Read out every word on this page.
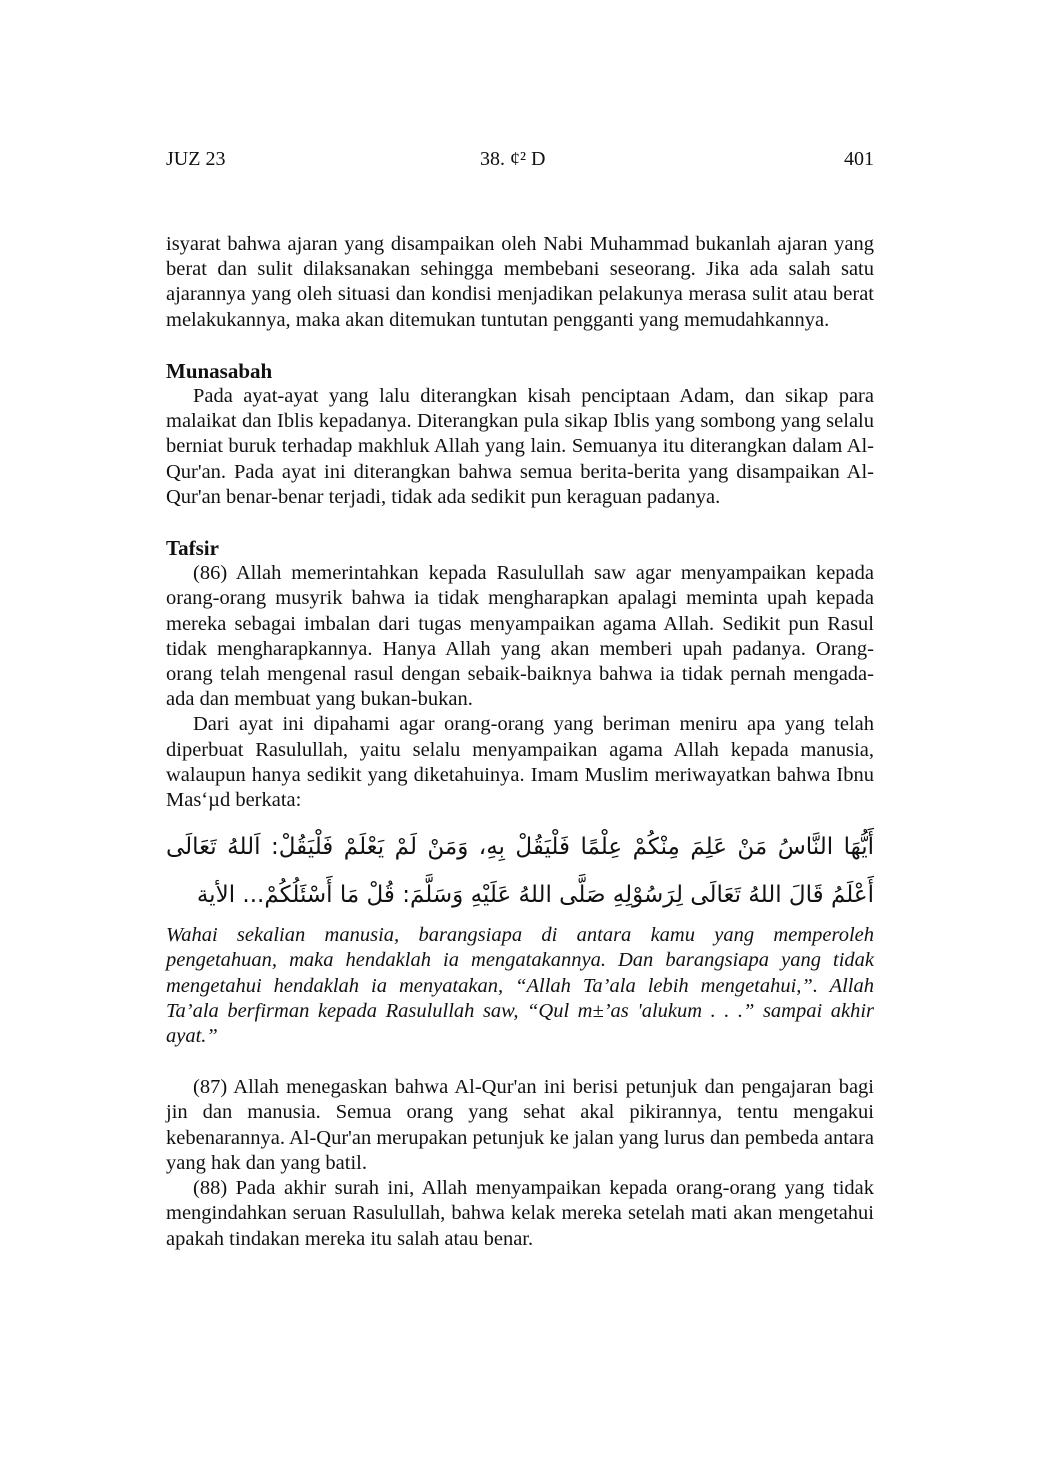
JUZ 23	38. ¢² D	401

isyarat bahwa ajaran yang disampaikan oleh Nabi Muhammad bukanlah ajaran yang berat dan sulit dilaksanakan sehingga membebani seseorang. Jika ada salah satu ajarannya yang oleh situasi dan kondisi menjadikan pelakunya merasa sulit atau berat melakukannya, maka akan ditemukan tuntutan pengganti yang memudahkannya.

Munasabah

Pada ayat-ayat yang lalu diterangkan kisah penciptaan Adam, dan sikap para malaikat dan Iblis kepadanya. Diterangkan pula sikap Iblis yang sombong yang selalu berniat buruk terhadap makhluk Allah yang lain. Semuanya itu diterangkan dalam Al-Qur'an. Pada ayat ini diterangkan bahwa semua berita-berita yang disampaikan Al-Qur'an benar-benar terjadi, tidak ada sedikit pun keraguan padanya.

Tafsir

(86) Allah memerintahkan kepada Rasulullah saw agar menyampaikan kepada orang-orang musyrik bahwa ia tidak mengharapkan apalagi meminta upah kepada mereka sebagai imbalan dari tugas menyampaikan agama Allah. Sedikit pun Rasul tidak mengharapkannya. Hanya Allah yang akan memberi upah padanya. Orang-orang telah mengenal rasul dengan sebaik-baiknya bahwa ia tidak pernah mengada-ada dan membuat yang bukan-bukan.

Dari ayat ini dipahami agar orang-orang yang beriman meniru apa yang telah diperbuat Rasulullah, yaitu selalu menyampaikan agama Allah kepada manusia, walaupun hanya sedikit yang diketahuinya. Imam Muslim meriwayatkan bahwa Ibnu Mas‘µd berkata:

أَيُّهَا النَّاسُ مَنْ عَلِمَ مِنْكُمْ عِلْمًا فَلْيَقُلْ بِهِ، وَمَنْ لَمْ يَعْلَمْ فَلْيَقُلْ: اَللهُ تَعَالَى أَعْلَمُ قَالَ اللهُ تَعَالَى لِرَسُوْلِهِ صَلَّى اللهُ عَلَيْهِ وَسَلَّمَ: قُلْ مَا أَسْئَلُكُمْ... الأية

Wahai sekalian manusia, barangsiapa di antara kamu yang memperoleh pengetahuan, maka hendaklah ia mengatakannya. Dan barangsiapa yang tidak mengetahui hendaklah ia menyatakan, “Allah Ta’ala lebih mengetahui,”. Allah Ta’ala berfirman kepada Rasulullah saw, “Qul m±’as 'alukum . . .” sampai akhir ayat.”

(87) Allah menegaskan bahwa Al-Qur'an ini berisi petunjuk dan pengajaran bagi jin dan manusia. Semua orang yang sehat akal pikirannya, tentu mengakui kebenarannya. Al-Qur'an merupakan petunjuk ke jalan yang lurus dan pembeda antara yang hak dan yang batil.

(88) Pada akhir surah ini, Allah menyampaikan kepada orang-orang yang tidak mengindahkan seruan Rasulullah, bahwa kelak mereka setelah mati akan mengetahui apakah tindakan mereka itu salah atau benar.
